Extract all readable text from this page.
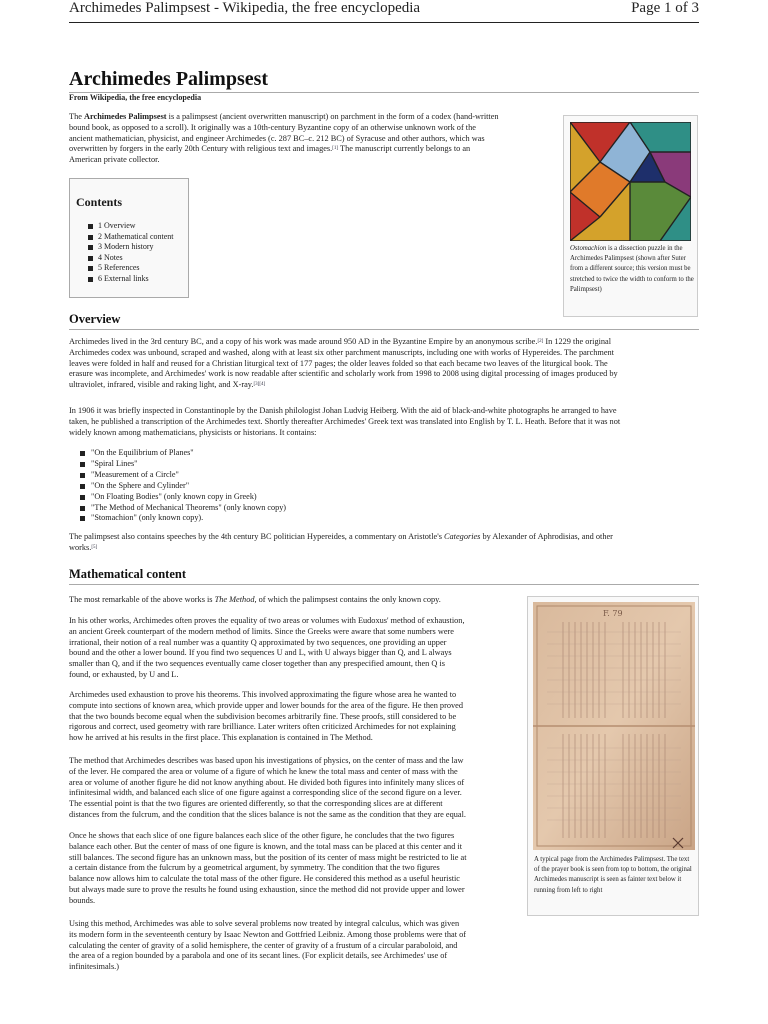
Archimedes Palimpsest - Wikipedia, the free encyclopedia	Page 1 of 3
Archimedes Palimpsest
From Wikipedia, the free encyclopedia
The Archimedes Palimpsest is a palimpsest (ancient overwritten manuscript) on parchment in the form of a codex (hand-written
bound book, as opposed to a scroll). It originally was a 10th-century Byzantine copy of an otherwise unknown work of the
ancient mathematician, physicist, and engineer Archimedes (c. 287 BC–c. 212 BC) of Syracuse and other authors, which was
overwritten by forgers in the early 20th Century with religious text and images.[1] The manuscript currently belongs to an
American private collector.
Contents
1 Overview
2 Mathematical content
3 Modern history
4 Notes
5 References
6 External links
Ostomachion is a dissection puzzle in the Archimedes Palimpsest (shown after Suter from a different source; this version must be stretched to twice the width to conform to the Palimpsest)
Overview
Archimedes lived in the 3rd century BC, and a copy of his work was made around 950 AD in the Byzantine Empire by an anonymous scribe.[2] In 1229 the original
Archimedes codex was unbound, scraped and washed, along with at least six other parchment manuscripts, including one with works of Hypereides. The parchment
leaves were folded in half and reused for a Christian liturgical text of 177 pages; the older leaves folded so that each became two leaves of the liturgical book. The
erasure was incomplete, and Archimedes' work is now readable after scientific and scholarly work from 1998 to 2008 using digital processing of images produced by
ultraviolet, infrared, visible and raking light, and X-ray.[3][4]
In 1906 it was briefly inspected in Constantinople by the Danish philologist Johan Ludvig Heiberg. With the aid of black-and-white photographs he arranged to have
taken, he published a transcription of the Archimedes text. Shortly thereafter Archimedes' Greek text was translated into English by T. L. Heath. Before that it was not
widely known among mathematicians, physicists or historians. It contains:
"On the Equilibrium of Planes"
"Spiral Lines"
"Measurement of a Circle"
"On the Sphere and Cylinder"
"On Floating Bodies" (only known copy in Greek)
"The Method of Mechanical Theorems" (only known copy)
"Stomachion" (only known copy).
The palimpsest also contains speeches by the 4th century BC politician Hypereides, a commentary on Aristotle's Categories by Alexander of Aphrodisias, and other
works.[5]
Mathematical content
The most remarkable of the above works is The Method, of which the palimpsest contains the only known copy.
In his other works, Archimedes often proves the equality of two areas or volumes with Eudoxus' method of exhaustion,
an ancient Greek counterpart of the modern method of limits. Since the Greeks were aware that some numbers were
irrational, their notion of a real number was a quantity Q approximated by two sequences, one providing an upper
bound and the other a lower bound. If you find two sequences U and L, with U always bigger than Q, and L always
smaller than Q, and if the two sequences eventually came closer together than any prespecified amount, then Q is
found, or exhausted, by U and L.
Archimedes used exhaustion to prove his theorems. This involved approximating the figure whose area he wanted to
compute into sections of known area, which provide upper and lower bounds for the area of the figure. He then proved
that the two bounds become equal when the subdivision becomes arbitrarily fine. These proofs, still considered to be
rigorous and correct, used geometry with rare brilliance. Later writers often criticized Archimedes for not explaining
how he arrived at his results in the first place. This explanation is contained in The Method.
The method that Archimedes describes was based upon his investigations of physics, on the center of mass and the law
of the lever. He compared the area or volume of a figure of which he knew the total mass and center of mass with the
area or volume of another figure he did not know anything about. He divided both figures into infinitely many slices of
infinitesimal width, and balanced each slice of one figure against a corresponding slice of the second figure on a lever.
The essential point is that the two figures are oriented differently, so that the corresponding slices are at different
distances from the fulcrum, and the condition that the slices balance is not the same as the condition that they are equal.
Once he shows that each slice of one figure balances each slice of the other figure, he concludes that the two figures
balance each other. But the center of mass of one figure is known, and the total mass can be placed at this center and it
still balances. The second figure has an unknown mass, but the position of its center of mass might be restricted to lie at
a certain distance from the fulcrum by a geometrical argument, by symmetry. The condition that the two figures
balance now allows him to calculate the total mass of the other figure. He considered this method as a useful heuristic
but always made sure to prove the results he found using exhaustion, since the method did not provide upper and lower
bounds.
Using this method, Archimedes was able to solve several problems now treated by integral calculus, which was given
its modern form in the seventeenth century by Isaac Newton and Gottfried Leibniz. Among those problems were that of
calculating the center of gravity of a solid hemisphere, the center of gravity of a frustum of a circular paraboloid, and
the area of a region bounded by a parabola and one of its secant lines. (For explicit details, see Archimedes' use of
infinitesimals.)
F. 79
A typical page from the Archimedes Palimpsest. The text of the prayer book is seen from top to bottom, the original Archimedes manuscript is seen as fainter text below it running from left to right
